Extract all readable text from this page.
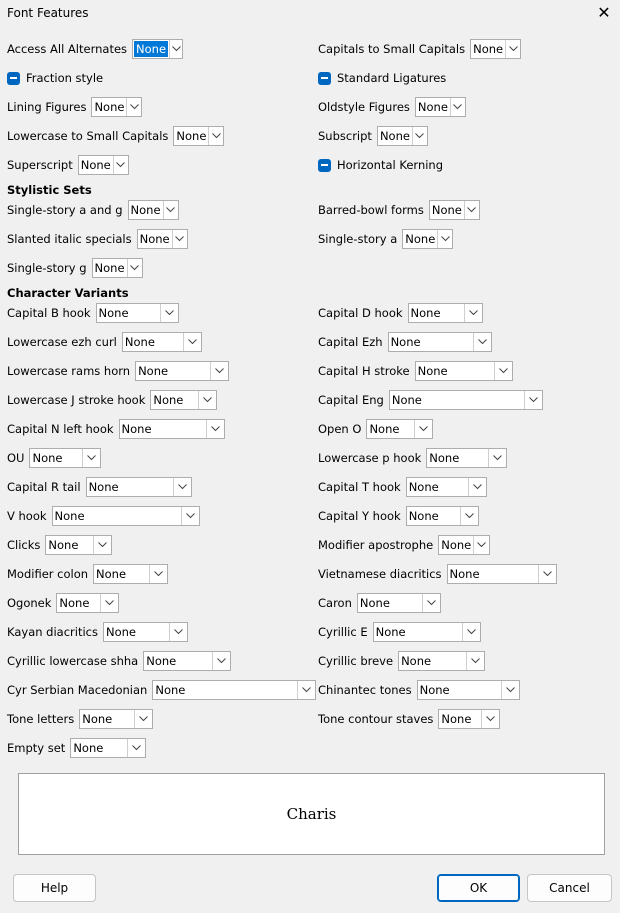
Font Features	✕
Stylistic Sets
Character Variants
Access All Alternates None	Capitals to Small Capitals None
Fraction style	Standard Ligatures
Lining Figures None	Oldstyle Figures None
Lowercase to Small Capitals None	Subscript None
Superscript None	Horizontal Kerning
Single-story a and g None	Barred-bowl forms None
Slanted italic specials None	Single-story a None
Single-story g None
Capital B hook None	Capital D hook None
Lowercase ezh curl None	Capital Ezh None
Lowercase rams horn None	Capital H stroke None
Lowercase J stroke hook None	Capital Eng None
Capital N left hook None	Open O None
OU None	Lowercase p hook None
Capital R tail None	Capital T hook None
V hook None	Capital Y hook None
Clicks None	Modifier apostrophe None
Modifier colon None	Vietnamese diacritics None
Ogonek None	Caron None
Kayan diacritics None	Cyrillic E None
Cyrillic lowercase shha None	Cyrillic breve None
Cyr Serbian Macedonian None	Chinantec tones None
Tone letters None	Tone contour staves None
Empty set None
Charis
Help	OK	Cancel
